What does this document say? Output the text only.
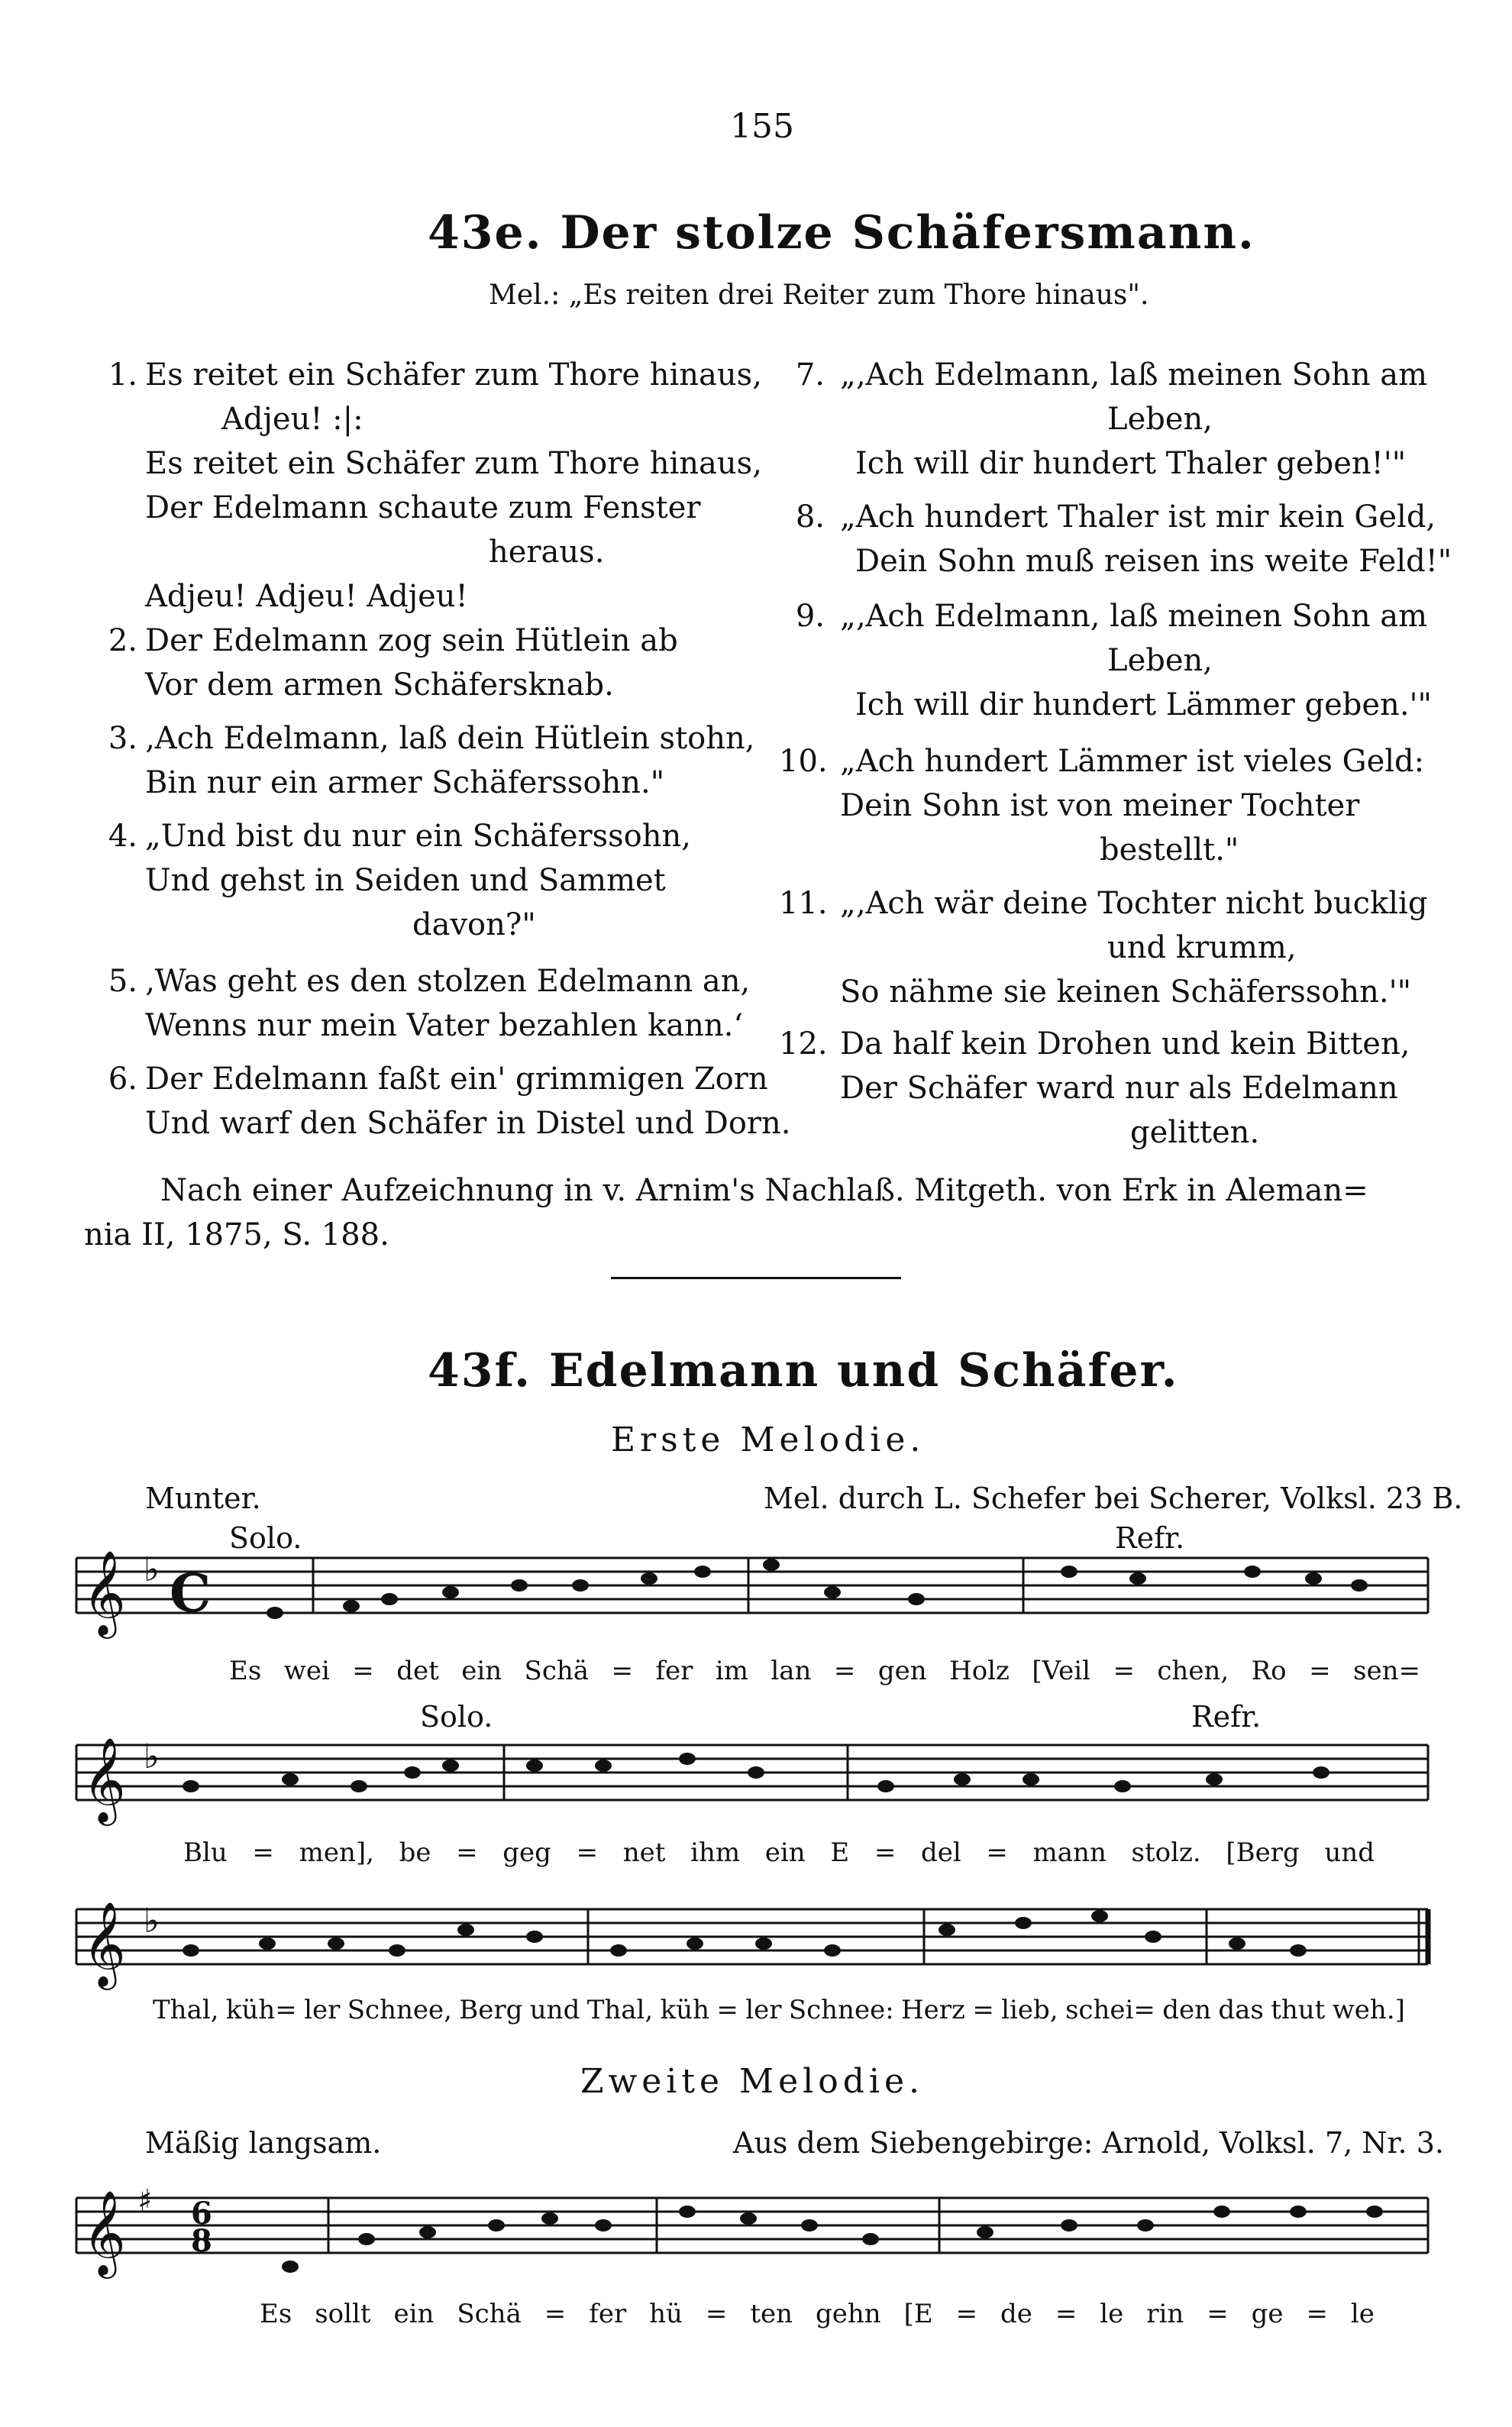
155
43e. Der stolze Schäfersmann.
Mel.: „Es reiten drei Reiter zum Thore hinaus".
1. Es reitet ein Schäfer zum Thore hinaus,
Adjeu! :|:
Es reitet ein Schäfer zum Thore hinaus,
Der Edelmann schaute zum Fenster
heraus.
Adjeu! Adjeu! Adjeu!
2. Der Edelmann zog sein Hütlein ab
Vor dem armen Schäfersknab.
3. ‚Ach Edelmann, laß dein Hütlein stohn,
Bin nur ein armer Schäferssohn."
4. „Und bist du nur ein Schäferssohn,
Und gehst in Seiden und Sammet
davon?"
5. ‚Was geht es den stolzen Edelmann an,
Wenns nur mein Vater bezahlen kann.‘
6. Der Edelmann faßt ein' grimmigen Zorn
Und warf den Schäfer in Distel und Dorn.
7. „‚Ach Edelmann, laß meinen Sohn am
Leben,
Ich will dir hundert Thaler geben!'"
8. „Ach hundert Thaler ist mir kein Geld,
Dein Sohn muß reisen ins weite Feld!"
9. „‚Ach Edelmann, laß meinen Sohn am
Leben,
Ich will dir hundert Lämmer geben.'"
10. „Ach hundert Lämmer ist vieles Geld:
Dein Sohn ist von meiner Tochter
bestellt."
11. „‚Ach wär deine Tochter nicht bucklig
und krumm,
So nähme sie keinen Schäferssohn.'"
12. Da half kein Drohen und kein Bitten,
Der Schäfer ward nur als Edelmann
gelitten.
Nach einer Aufzeichnung in v. Arnim's Nachlaß. Mitgeth. von Erk in Aleman=
nia II, 1875, S. 188.
43f. Edelmann und Schäfer.
Erste Melodie.
Munter.	Mel. durch L. Schefer bei Scherer, Volksl. 23 B.
Solo.	Refr.
𝄞
𝄞
𝄞
𝄞
♭
♭
♭
♯
C
6
8
Es wei = det ein Schä = fer im lan = gen Holz [Veil = chen, Ro = sen=
Solo.	Refr.
Blu = men], be = geg = net ihm ein E = del = mann stolz. [Berg und
Thal, küh= ler Schnee, Berg und Thal, küh = ler Schnee: Herz = lieb, schei= den das thut weh.]
Zweite Melodie.
Mäßig langsam.	Aus dem Siebengebirge: Arnold, Volksl. 7, Nr. 3.
Es sollt ein Schä = fer hü = ten gehn [E = de = le rin = ge = le
